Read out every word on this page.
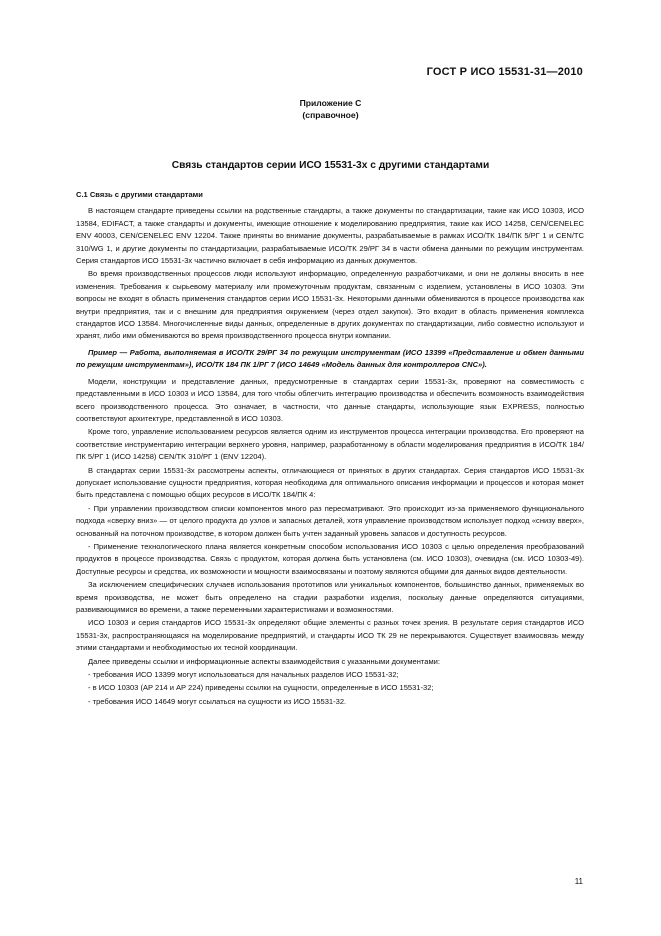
ГОСТ Р ИСО 15531-31—2010
Приложение C
(справочное)
Связь стандартов серии ИСО 15531-3x с другими стандартами
C.1 Связь с другими стандартами

В настоящем стандарте приведены ссылки на родственные стандарты, а также документы по стандартизации, такие как ИСО 10303, ИСО 13584, EDIFACT, а также стандарты и документы, имеющие отношение к моделированию предприятия, такие как ИСО 14258, CEN/CENELEC ENV 40003, CEN/CENELEC ENV 12204. Также приняты во внимание документы, разрабатываемые в рамках ИСО/ТК 184/ПК 5/РГ 1 и CEN/TC 310/WG 1, и другие документы по стандартизации, разрабатываемые ИСО/ТК 29/РГ 34 в части обмена данными по режущим инструментам. Серия стандартов ИСО 15531-3x частично включает в себя информацию из данных документов.

Во время производственных процессов люди используют информацию, определенную разработчиками, и они не должны вносить в нее изменения. Требования к сырьевому материалу или промежуточным продуктам, связанным с изделием, установлены в ИСО 10303. Эти вопросы не входят в область применения стандартов серии ИСО 15531-3x. Некоторыми данными обмениваются в процессе производства как внутри предприятия, так и с внешним для предприятия окружением (через отдел закупок). Это входит в область применения комплекса стандартов ИСО 13584. Многочисленные виды данных, определенные в других документах по стандартизации, либо совместно используют и хранят, либо ими обмениваются во время производственного процесса внутри компании.

Пример — Работа, выполняемая в ИСО/ТК 29/РГ 34 по режущим инструментам (ИСО 13399 «Представление и обмен данными по режущим инструментам»), ИСО/ТК 184 ПК 1/РГ 7 (ИСО 14649 «Модель данных для контроллеров CNC»).

Модели, конструкции и представление данных, предусмотренные в стандартах серии 15531-3x, проверяют на совместимость с представленными в ИСО 10303 и ИСО 13584, для того чтобы облегчить интеграцию производства и обеспечить возможность взаимодействия всего производственного процесса. Это означает, в частности, что данные стандарты, использующие язык EXPRESS, полностью соответствуют архитектуре, представленной в ИСО 10303.

Кроме того, управление использованием ресурсов является одним из инструментов процесса интеграции производства. Его проверяют на соответствие инструментарию интеграции верхнего уровня, например, разработанному в области моделирования предприятия в ИСО/ТК 184/ПК 5/РГ 1 (ИСО 14258) CEN/TK 310/РГ 1 (ENV 12204).

В стандартах серии 15531-3x рассмотрены аспекты, отличающиеся от принятых в других стандартах. Серия стандартов ИСО 15531-3x допускает использование сущности предприятия, которая необходима для оптимального описания информации и процессов и которая может быть представлена с помощью общих ресурсов в ИСО/ТК 184/ПК 4:

- При управлении производством списки компонентов много раз пересматривают. Это происходит из-за применяемого функционального подхода «сверху вниз» — от целого продукта до узлов и запасных деталей, хотя управление производством использует подход «снизу вверх», основанный на поточном производстве, в котором должен быть учтен заданный уровень запасов и доступность ресурсов.

- Применение технологического плана является конкретным способом использования ИСО 10303 с целью определения преобразований продуктов в процессе производства. Связь с продуктом, которая должна быть установлена (см. ИСО 10303), очевидна (см. ИСО 10303-49). Доступные ресурсы и средства, их возможности и мощности взаимосвязаны и поэтому являются общими для данных видов деятельности.

За исключением специфических случаев использования прототипов или уникальных компонентов, большинство данных, применяемых во время производства, не может быть определено на стадии разработки изделия, поскольку данные определяются ситуациями, развивающимися во времени, а также переменными характеристиками и возможностями.

ИСО 10303 и серия стандартов ИСО 15531-3x определяют общие элементы с разных точек зрения. В результате серия стандартов ИСО 15531-3x, распространяющаяся на моделирование предприятий, и стандарты ИСО ТК 29 не перекрываются. Существует взаимосвязь между этими стандартами и необходимостью их тесной координации.

Далее приведены ссылки и информационные аспекты взаимодействия с указанными документами:

- требования ИСО 13399 могут использоваться для начальных разделов ИСО 15531-32;

- в ИСО 10303 (AP 214 и AP 224) приведены ссылки на сущности, определенные в ИСО 15531-32;

- требования ИСО 14649 могут ссылаться на сущности из ИСО 15531-32.

11
